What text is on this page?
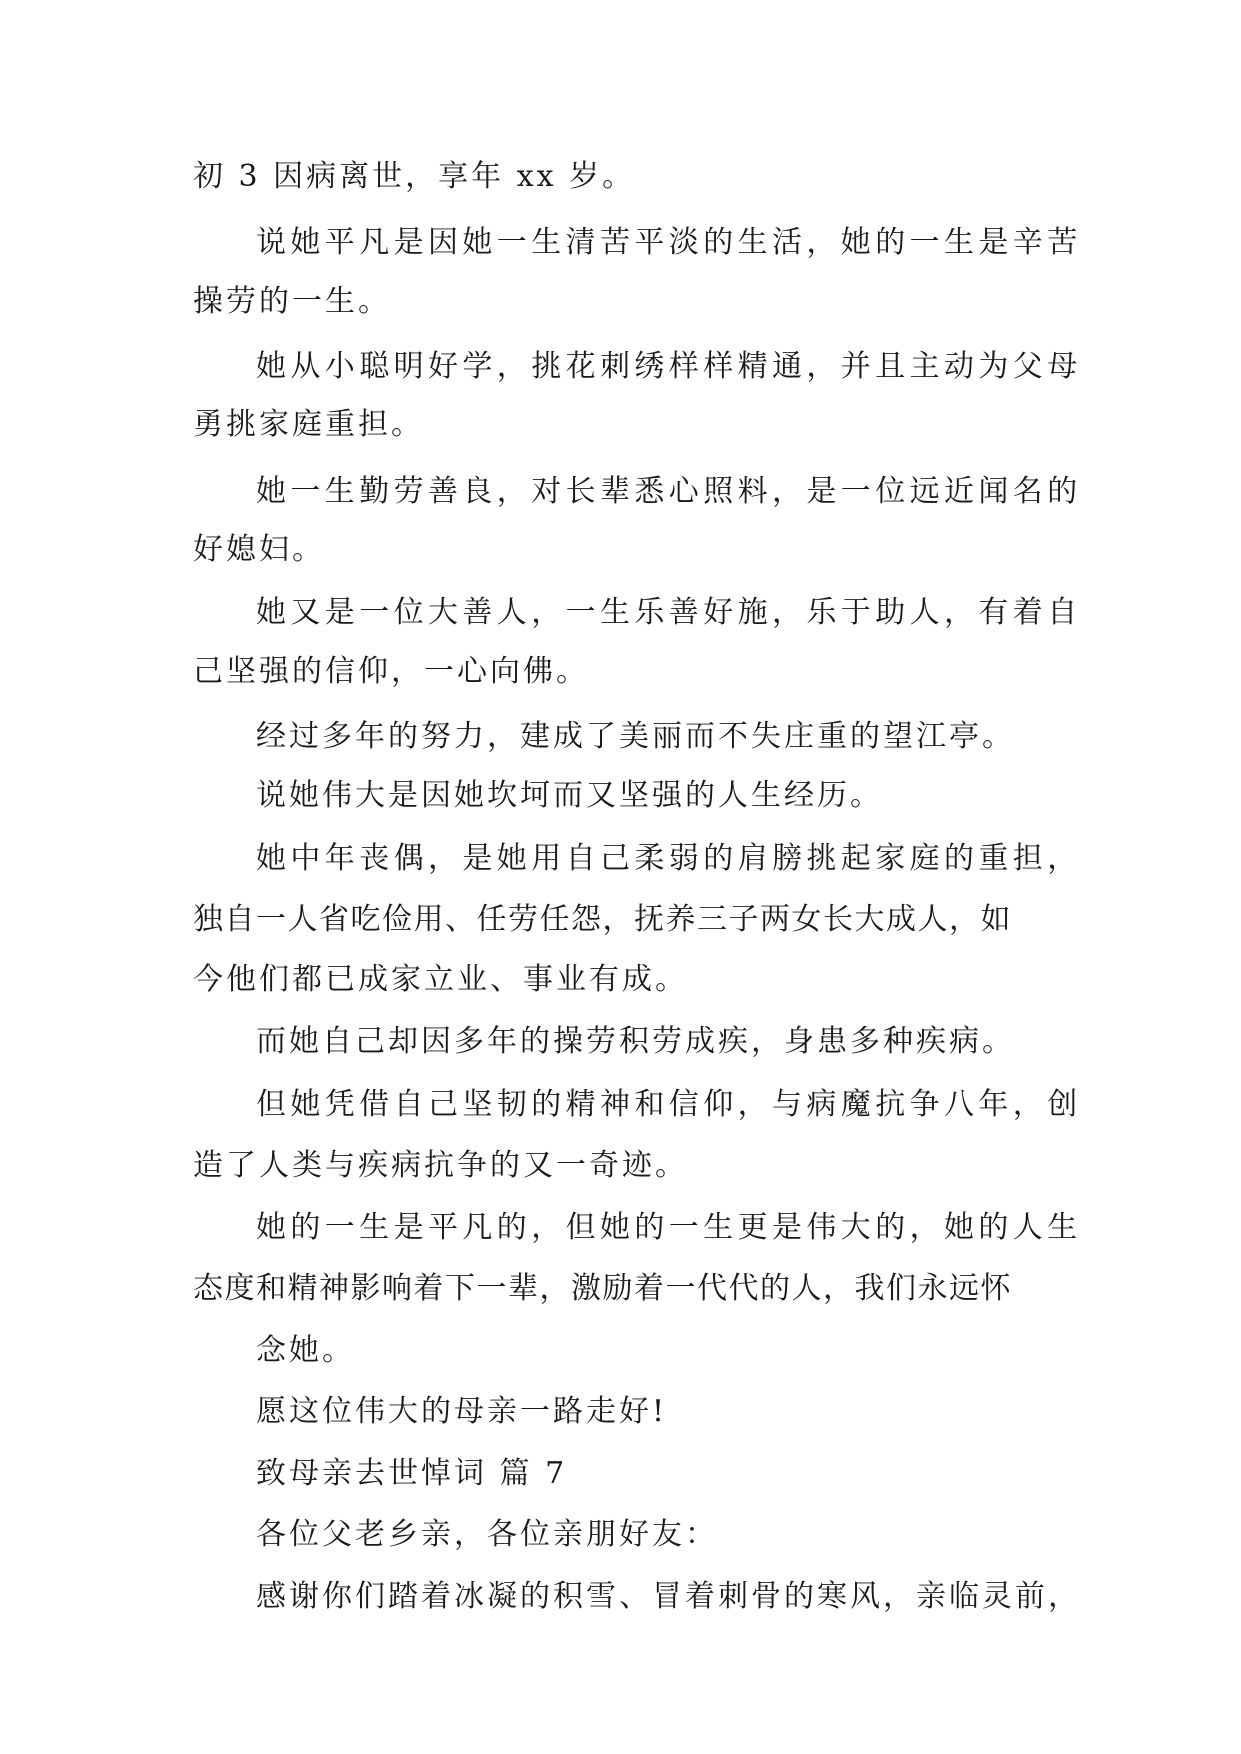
初 3 因病离世，享年 xx 岁。

说她平凡是因她一生清苦平淡的生活，她的一生是辛苦

操劳的一生。

她从小聪明好学，挑花刺绣样样精通，并且主动为父母

勇挑家庭重担。

她一生勤劳善良，对长辈悉心照料，是一位远近闻名的

好媳妇。

她又是一位大善人，一生乐善好施，乐于助人，有着自

己坚强的信仰，一心向佛。

经过多年的努力，建成了美丽而不失庄重的望江亭。

说她伟大是因她坎坷而又坚强的人生经历。

她中年丧偶，是她用自己柔弱的肩膀挑起家庭的重担，

独自一人省吃俭用、任劳任怨，抚养三子两女长大成人，如

今他们都已成家立业、事业有成。

而她自己却因多年的操劳积劳成疾，身患多种疾病。

但她凭借自己坚韧的精神和信仰，与病魔抗争八年，创

造了人类与疾病抗争的又一奇迹。

她的一生是平凡的，但她的一生更是伟大的，她的人生

态度和精神影响着下一辈，激励着一代代的人，我们永远怀

念她。

愿这位伟大的母亲一路走好!

致母亲去世悼词 篇 7

各位父老乡亲，各位亲朋好友：

感谢你们踏着冰凝的积雪、冒着刺骨的寒风，亲临灵前，
